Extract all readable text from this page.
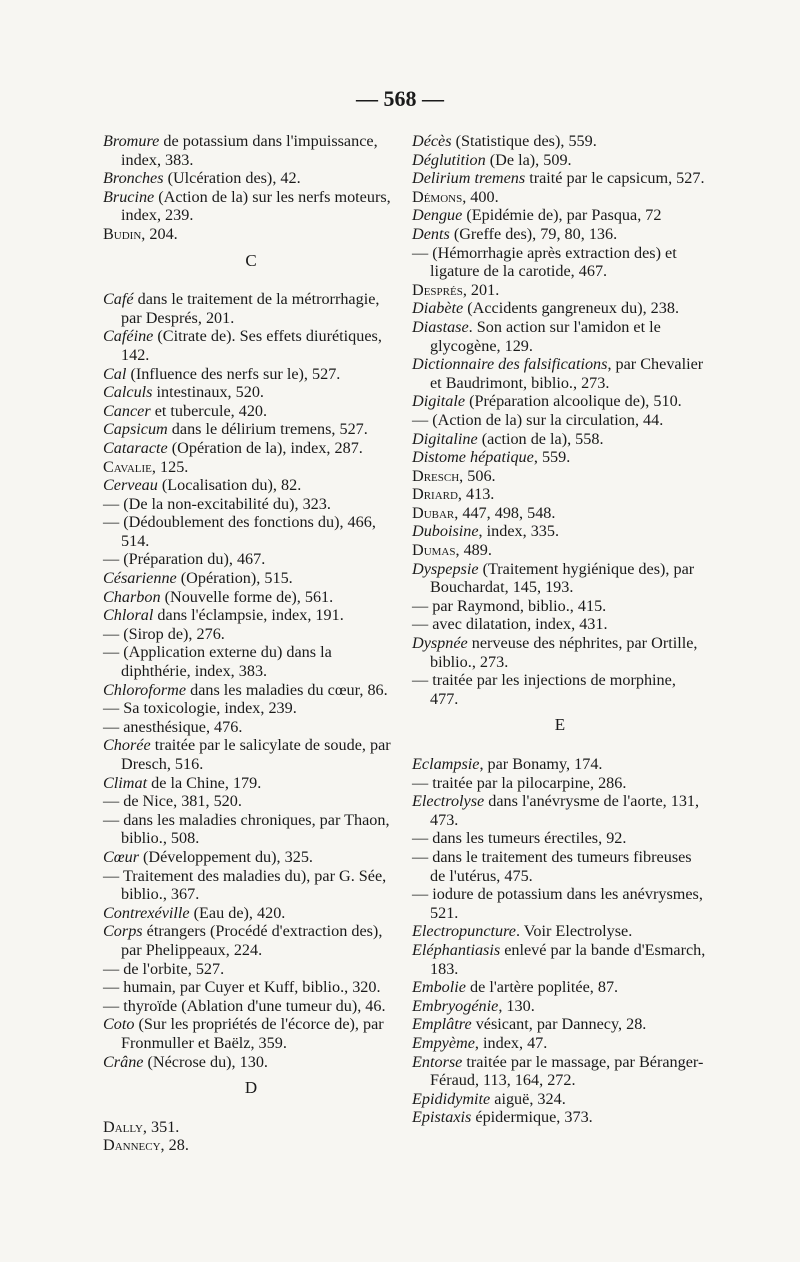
— 568 —
Bromure de potassium dans l'impuissance, index, 383.
Bronches (Ulcération des), 42.
Brucine (Action de la) sur les nerfs moteurs, index, 239.
Budin, 204.
C
Café dans le traitement de la métrorrhagie, par Després, 201.
Caféine (Citrate de). Ses effets diurétiques, 142.
Cal (Influence des nerfs sur le), 527.
Calculs intestinaux, 520.
Cancer et tubercule, 420.
Capsicum dans le délirium tremens, 527.
Cataracte (Opération de la), index, 287.
Cavalie, 125.
Cerveau (Localisation du), 82.
— (De la non-excitabilité du), 323.
— (Dédoublement des fonctions du), 466, 514.
— (Préparation du), 467.
Césarienne (Opération), 515.
Charbon (Nouvelle forme de), 561.
Chloral dans l'éclampsie, index, 191.
— (Sirop de), 276.
— (Application externe du) dans la diphthérie, index, 383.
Chloroforme dans les maladies du cœur, 86.
— Sa toxicologie, index, 239.
— anesthésique, 476.
Chorée traitée par le salicylate de soude, par Dresch, 516.
Climat de la Chine, 179.
— de Nice, 381, 520.
— dans les maladies chroniques, par Thaon, biblio., 508.
Cœur (Développement du), 325.
— Traitement des maladies du), par G. Sée, biblio., 367.
Contrexéville (Eau de), 420.
Corps étrangers (Procédé d'extraction des), par Phelippeaux, 224.
— de l'orbite, 527.
— humain, par Cuyer et Kuff, biblio., 320.
— thyroïde (Ablation d'une tumeur du), 46.
Coto (Sur les propriétés de l'écorce de), par Fronmuller et Baëlz, 359.
Crâne (Nécrose du), 130.
D
Dally, 351.
Dannecy, 28.
Décès (Statistique des), 559.
Déglutition (De la), 509.
Delirium tremens traité par le capsicum, 527.
Démons, 400.
Dengue (Epidémie de), par Pasqua, 72
Dents (Greffe des), 79, 80, 136.
— (Hémorrhagie après extraction des) et ligature de la carotide, 467.
Després, 201.
Diabète (Accidents gangreneux du), 238.
Diastase. Son action sur l'amidon et le glycogène, 129.
Dictionnaire des falsifications, par Chevalier et Baudrimont, biblio., 273.
Digitale (Préparation alcoolique de), 510.
— (Action de la) sur la circulation, 44.
Digitaline (action de la), 558.
Distome hépatique, 559.
Dresch, 506.
Driard, 413.
Dubar, 447, 498, 548.
Duboisine, index, 335.
Dumas, 489.
Dyspepsie (Traitement hygiénique des), par Bouchardat, 145, 193.
— par Raymond, biblio., 415.
— avec dilatation, index, 431.
Dyspnée nerveuse des néphrites, par Ortille, biblio., 273.
— traitée par les injections de morphine, 477.
E
Eclampsie, par Bonamy, 174.
— traitée par la pilocarpine, 286.
Electrolyse dans l'anévrysme de l'aorte, 131, 473.
— dans les tumeurs érectiles, 92.
— dans le traitement des tumeurs fibreuses de l'utérus, 475.
— iodure de potassium dans les anévrysmes, 521.
Electropuncture. Voir Electrolyse.
Eléphantiasis enlevé par la bande d'Esmarch, 183.
Embolie de l'artère poplitée, 87.
Embryogénie, 130.
Emplâtre vésicant, par Dannecy, 28.
Empyème, index, 47.
Entorse traitée par le massage, par Béranger-Féraud, 113, 164, 272.
Epididymite aiguë, 324.
Epistaxis épidermique, 373.
